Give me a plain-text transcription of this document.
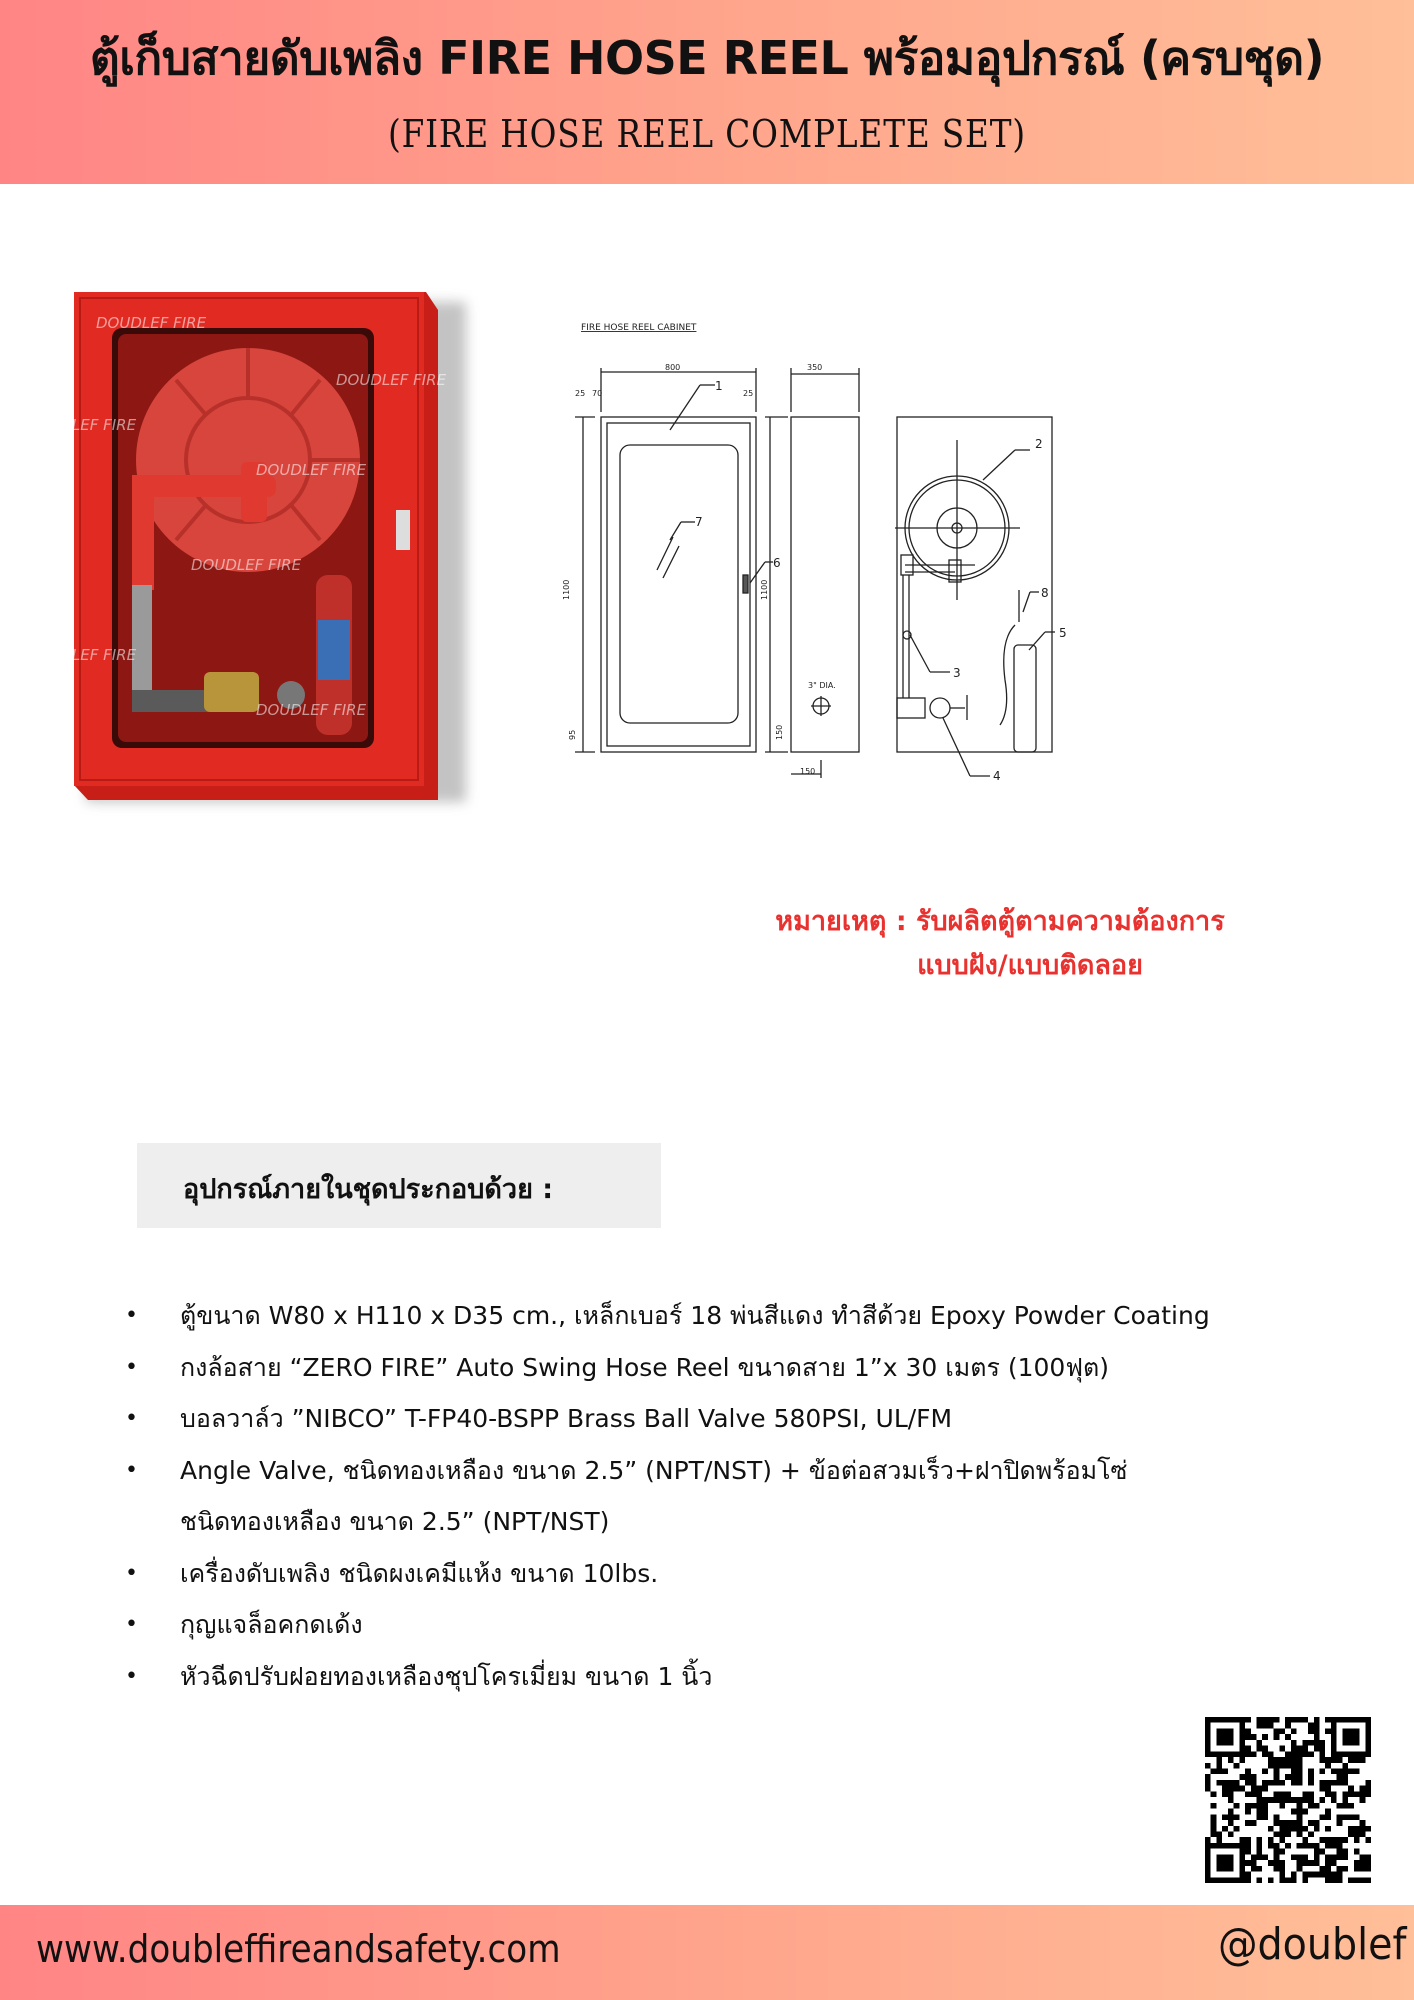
ตู้เก็บสายดับเพลิง FIRE HOSE REEL พร้อมอุปกรณ์ (ครบชุด)
(FIRE HOSE REEL COMPLETE SET)
DOUDLEF FIRE
DOUDLEF FIRE
DOUDLEF FIRE
DOUDLEF FIRE
DOUDLEF FIRE
DOUDLEF FIRE
DOUDLEF FIRE
FIRE HOSE REEL CABINET
800
25 70	25
1100
95
350
1100
150
150
3" DIA.
1
2
3
4
5
6
7
8
หมายเหตุ : รับผลิตตู้ตามความต้องการ
แบบฝัง/แบบติดลอย
อุปกรณ์ภายในชุดประกอบด้วย :
• ตู้ขนาด W80 x H110 x D35 cm., เหล็กเบอร์ 18 พ่นสีแดง ทำสีด้วย Epoxy Powder Coating
• กงล้อสาย “ZERO FIRE” Auto Swing Hose Reel ขนาดสาย 1”x 30 เมตร (100ฟุต)
• บอลวาล์ว ”NIBCO” T-FP40-BSPP Brass Ball Valve 580PSI, UL/FM
• Angle Valve, ชนิดทองเหลือง ขนาด 2.5” (NPT/NST) + ข้อต่อสวมเร็ว+ฝาปิดพร้อมโซ่
ชนิดทองเหลือง ขนาด 2.5” (NPT/NST)
• เครื่องดับเพลิง ชนิดผงเคมีแห้ง ขนาด 10lbs.
• กุญแจล็อคกดเด้ง
• หัวฉีดปรับฝอยทองเหลืองชุปโครเมี่ยม ขนาด 1 นิ้ว
www.doubleffireandsafety.com	@doublef
